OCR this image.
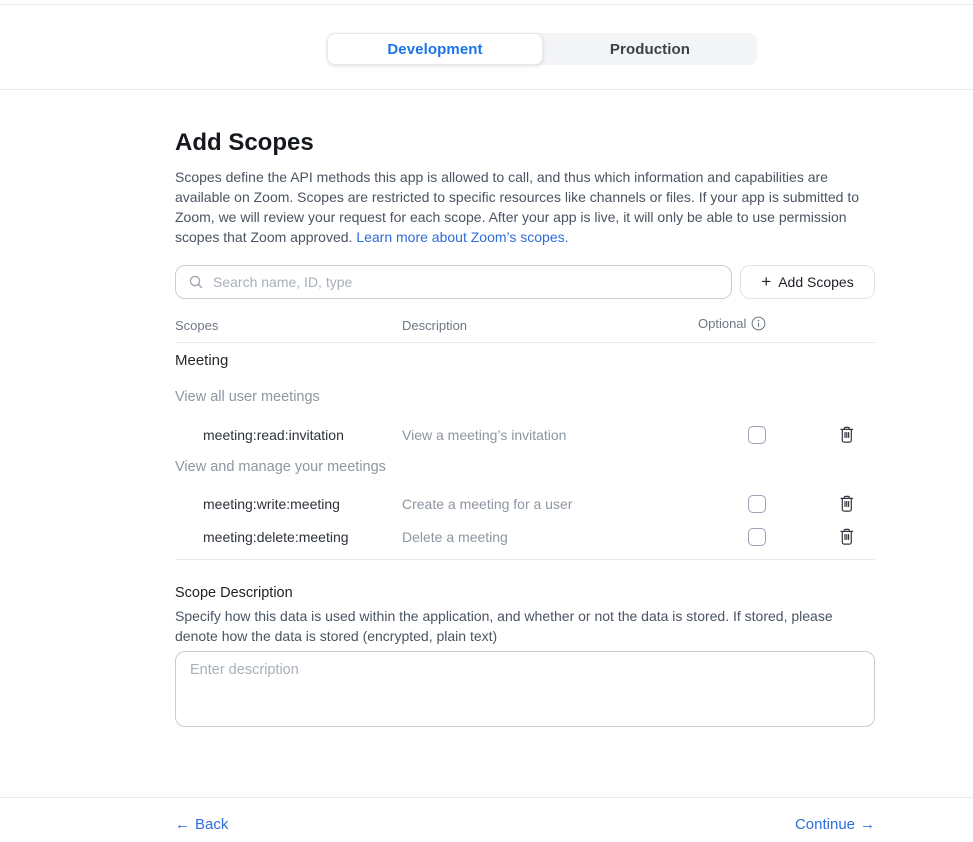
Development	Production
Add Scopes

Scopes define the API methods this app is allowed to call, and thus which information and capabilities are available on Zoom. Scopes are restricted to specific resources like channels or files. If your app is submitted to Zoom, we will review your request for each scope. After your app is live, it will only be able to use permission scopes that Zoom approved. Learn more about Zoom’s scopes.

Search name, ID, type
+ Add Scopes
Scopes	Description	Optional
Meeting
View all user meetings
meeting:read:invitation	View a meeting’s invitation
View and manage your meetings
meeting:write:meeting	Create a meeting for a user
meeting:delete:meeting	Delete a meeting
Scope Description

Specify how this data is used within the application, and whether or not the data is stored. If stored, please denote how the data is stored (encrypted, plain text)

Enter description
← Back	Continue →
